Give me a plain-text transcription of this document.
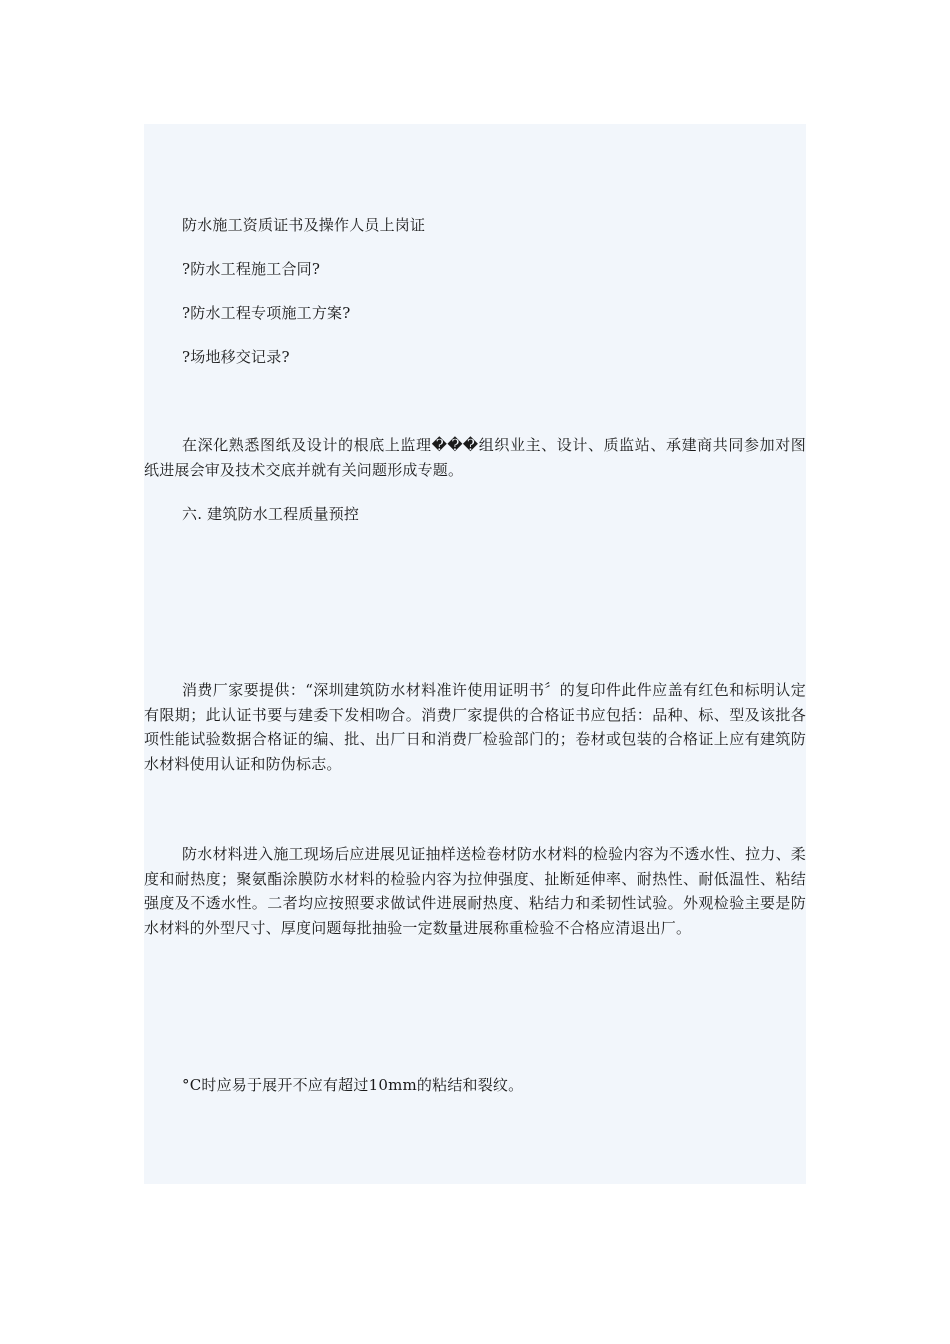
防水施工资质证书及操作人员上岗证

?防水工程施工合同?

?防水工程专项施工方案?

?场地移交记录?

在深化熟悉图纸及设计的根底上监理���组织业主、设计、质监站、承建商共同参加对图纸进展会审及技术交底并就有关问题形成专题。

六. 建筑防水工程质量预控

消费厂家要提供：“深圳建筑防水材料准许使用证明书〞的复印件此件应盖有红色和标明认定有限期；此认证书要与建委下发相吻合。消费厂家提供的合格证书应包括：品种、标、型及该批各项性能试验数据合格证的编、批、出厂日和消费厂检验部门的；卷材或包装的合格证上应有建筑防水材料使用认证和防伪标志。

防水材料进入施工现场后应进展见证抽样送检卷材防水材料的检验内容为不透水性、拉力、柔度和耐热度；聚氨酯涂膜防水材料的检验内容为拉伸强度、扯断延伸率、耐热性、耐低温性、粘结强度及不透水性。二者均应按照要求做试件进展耐热度、粘结力和柔韧性试验。外观检验主要是防水材料的外型尺寸、厚度问题每批抽验一定数量进展称重检验不合格应清退出厂。

°C时应易于展开不应有超过10mm的粘结和裂纹。
